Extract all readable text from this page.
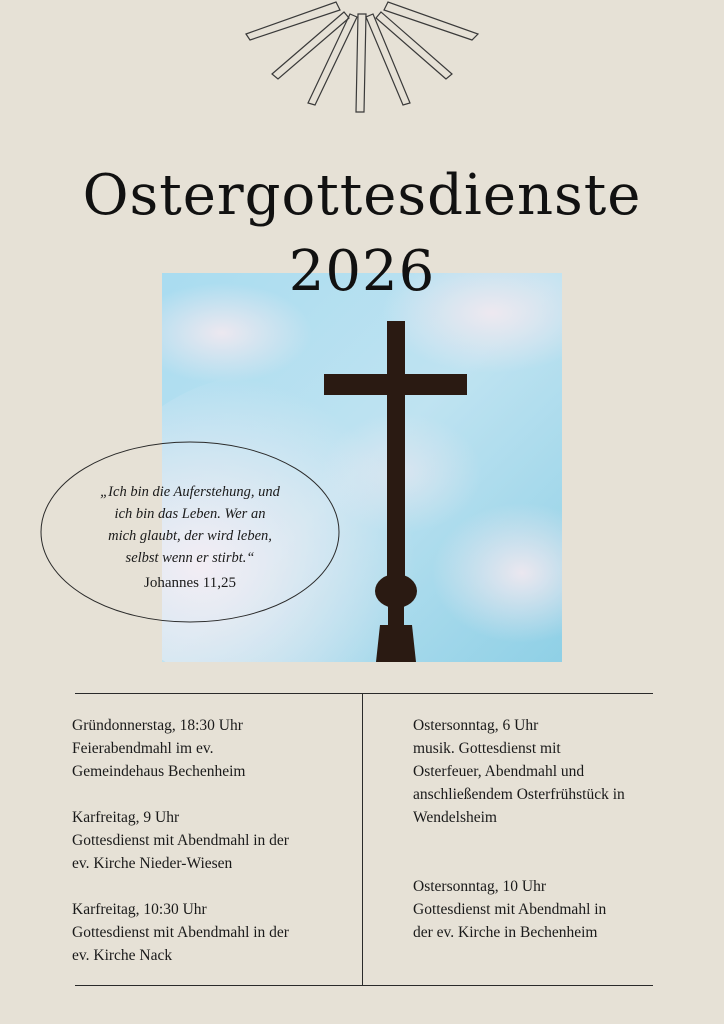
Ostergottesdienste
2026
„Ich bin die Auferstehung, und
ich bin das Leben. Wer an
mich glaubt, der wird leben,
selbst wenn er stirbt.“
Johannes 11,25
Gründonnerstag, 18:30 Uhr
Feierabendmahl im ev.
Gemeindehaus Bechenheim
Karfreitag, 9 Uhr
Gottesdienst mit Abendmahl in der
ev. Kirche Nieder-Wiesen
Karfreitag, 10:30 Uhr
Gottesdienst mit Abendmahl in der
ev. Kirche Nack
Ostersonntag, 6 Uhr
musik. Gottesdienst mit
Osterfeuer, Abendmahl und
anschließendem Osterfrühstück in
Wendelsheim
Ostersonntag, 10 Uhr
Gottesdienst mit Abendmahl in
der ev. Kirche in Bechenheim
